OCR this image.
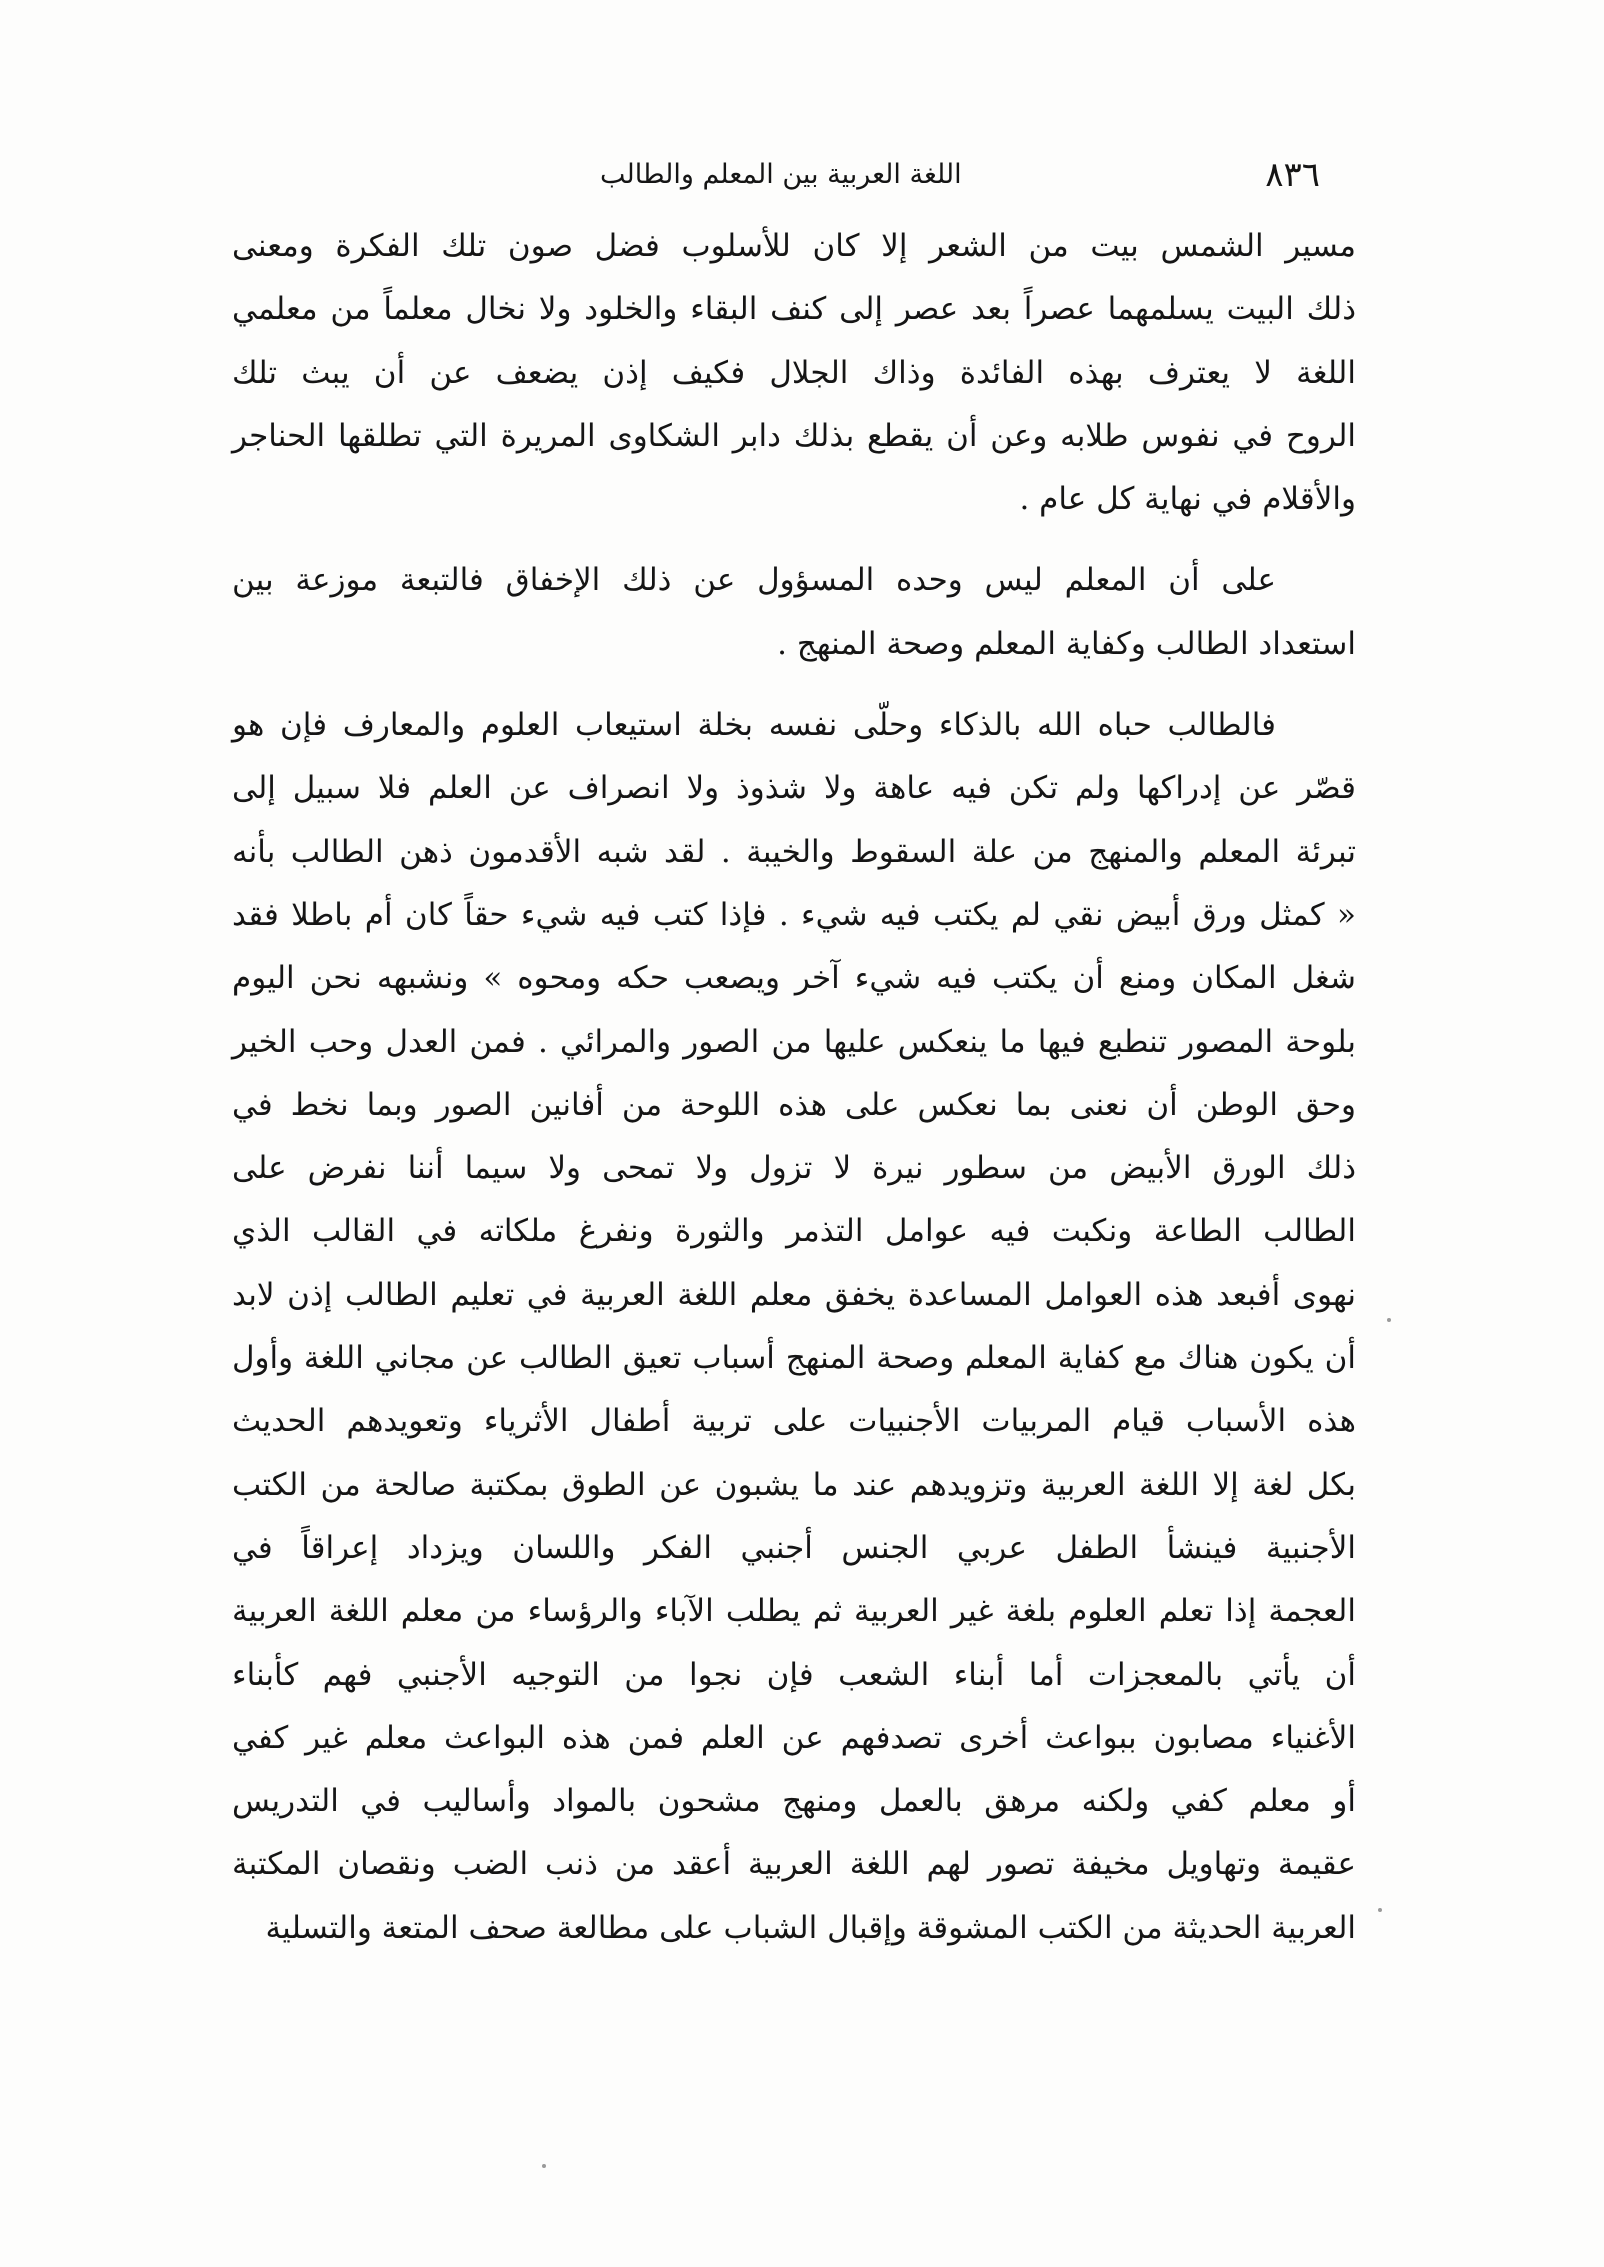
٨٣٦
اللغة العربية بين المعلم والطالب

مسير الشمس بيت من الشعر إلا كان للأسلوب فضل صون تلك الفكرة ومعنى
ذلك البيت يسلمهما عصراً بعد عصر إلى كنف البقاء والخلود ولا نخال معلماً من معلمي
اللغة لا يعترف بهذه الفائدة وذاك الجلال فكيف إذن يضعف عن أن يبث تلك
الروح في نفوس طلابه وعن أن يقطع بذلك دابر الشكاوى المريرة التي تطلقها الحناجر
والأقلام في نهاية كل عام .

على أن المعلم ليس وحده المسؤول عن ذلك الإخفاق فالتبعة موزعة بين
استعداد الطالب وكفاية المعلم وصحة المنهج .

فالطالب حباه الله بالذكاء وحلّى نفسه بخلة استيعاب العلوم والمعارف فإن هو
قصّر عن إدراكها ولم تكن فيه عاهة ولا شذوذ ولا انصراف عن العلم فلا سبيل إلى
تبرئة المعلم والمنهج من علة السقوط والخيبة . لقد شبه الأقدمون ذهن الطالب بأنه
« كمثل ورق أبيض نقي لم يكتب فيه شيء . فإذا كتب فيه شيء حقاً كان أم باطلا فقد
شغل المكان ومنع أن يكتب فيه شيء آخر ويصعب حكه ومحوه » ونشبهه نحن اليوم
بلوحة المصور تنطبع فيها ما ينعكس عليها من الصور والمرائي . فمن العدل وحب الخير
وحق الوطن أن نعنى بما نعكس على هذه اللوحة من أفانين الصور وبما نخط في
ذلك الورق الأبيض من سطور نيرة لا تزول ولا تمحى ولا سيما أننا نفرض على
الطالب الطاعة ونكبت فيه عوامل التذمر والثورة ونفرغ ملكاته في القالب الذي
نهوى أفبعد هذه العوامل المساعدة يخفق معلم اللغة العربية في تعليم الطالب إذن لابد
أن يكون هناك مع كفاية المعلم وصحة المنهج أسباب تعيق الطالب عن مجاني اللغة وأول
هذه الأسباب قيام المربيات الأجنبيات على تربية أطفال الأثرياء وتعويدهم الحديث
بكل لغة إلا اللغة العربية وتزويدهم عند ما يشبون عن الطوق بمكتبة صالحة من الكتب
الأجنبية فينشأ الطفل عربي الجنس أجنبي الفكر واللسان ويزداد إعراقاً في
العجمة إذا تعلم العلوم بلغة غير العربية ثم يطلب الآباء والرؤساء من معلم اللغة العربية
أن يأتي بالمعجزات أما أبناء الشعب فإن نجوا من التوجيه الأجنبي فهم كأبناء
الأغنياء مصابون ببواعث أخرى تصدفهم عن العلم فمن هذه البواعث معلم غير كفي
أو معلم كفي ولكنه مرهق بالعمل ومنهج مشحون بالمواد وأساليب في التدريس
عقيمة وتهاويل مخيفة تصور لهم اللغة العربية أعقد من ذنب الضب ونقصان المكتبة
العربية الحديثة من الكتب المشوقة وإقبال الشباب على مطالعة صحف المتعة والتسلية
